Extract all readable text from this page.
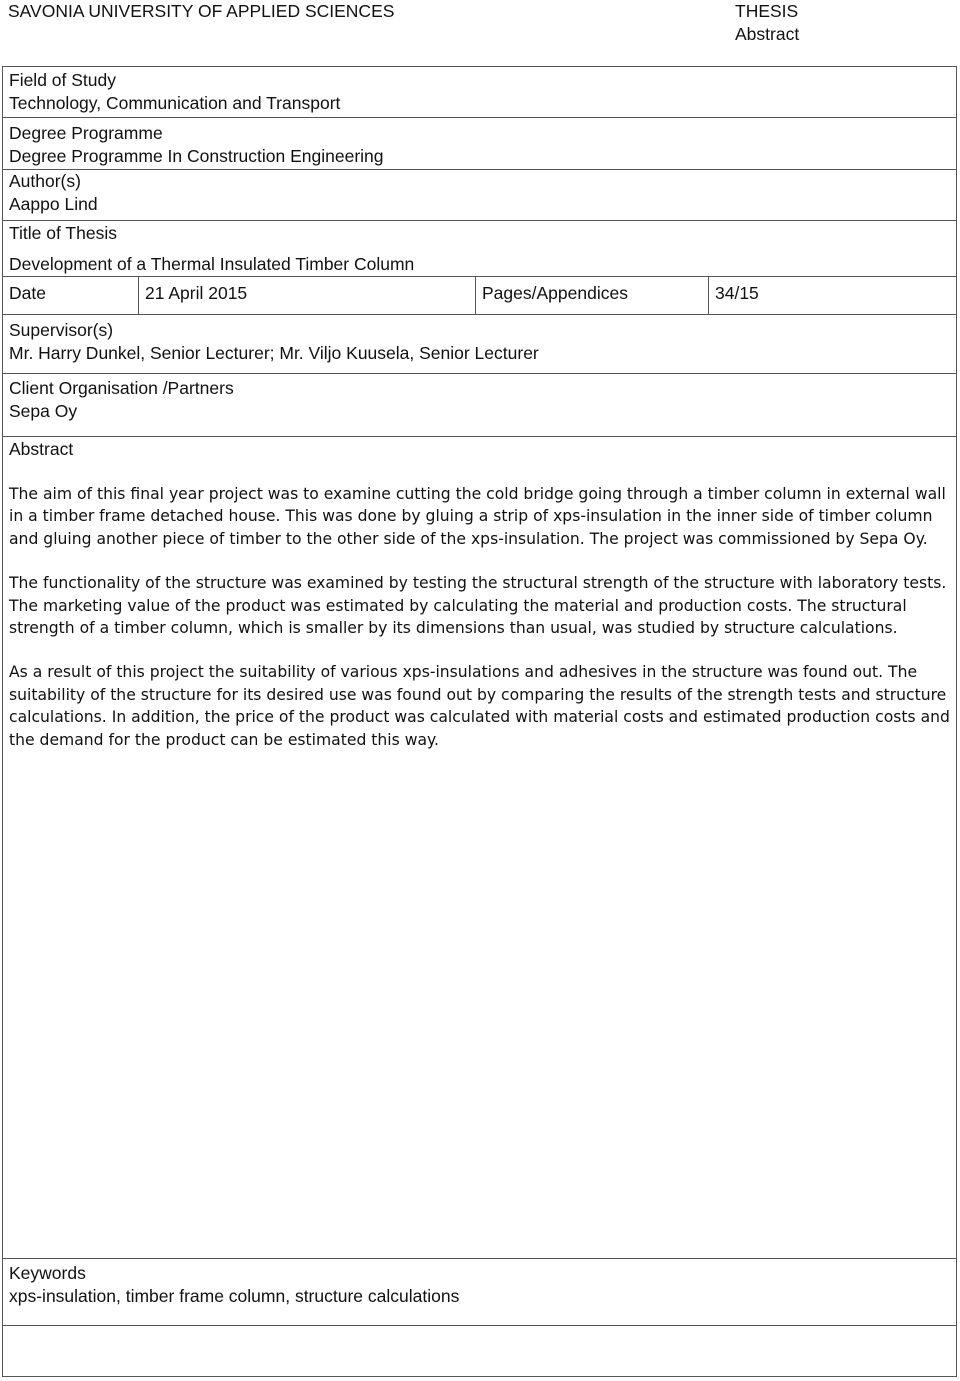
SAVONIA UNIVERSITY OF APPLIED SCIENCES	THESIS
Abstract
Field of Study
Technology, Communication and Transport
Degree Programme
Degree Programme In Construction Engineering
Author(s)
Aappo Lind
Title of Thesis
Development of a Thermal Insulated Timber Column
Date	21 April 2015	Pages/Appendices	34/15
Supervisor(s)
Mr. Harry Dunkel, Senior Lecturer; Mr. Viljo Kuusela, Senior Lecturer
Client Organisation /Partners
Sepa Oy
Abstract

The aim of this final year project was to examine cutting the cold bridge going through a timber column in external wall in a timber frame detached house. This was done by gluing a strip of xps-insulation in the inner side of timber column and gluing another piece of timber to the other side of the xps-insulation. The project was commissioned by Sepa Oy.

The functionality of the structure was examined by testing the structural strength of the structure with laboratory tests. The marketing value of the product was estimated by calculating the material and production costs. The structural strength of a timber column, which is smaller by its dimensions than usual, was studied by structure calculations.

As a result of this project the suitability of various xps-insulations and adhesives in the structure was found out. The suitability of the structure for its desired use was found out by comparing the results of the strength tests and structure calculations. In addition, the price of the product was calculated with material costs and estimated production costs and the demand for the product can be estimated this way.

Keywords
xps-insulation, timber frame column, structure calculations
